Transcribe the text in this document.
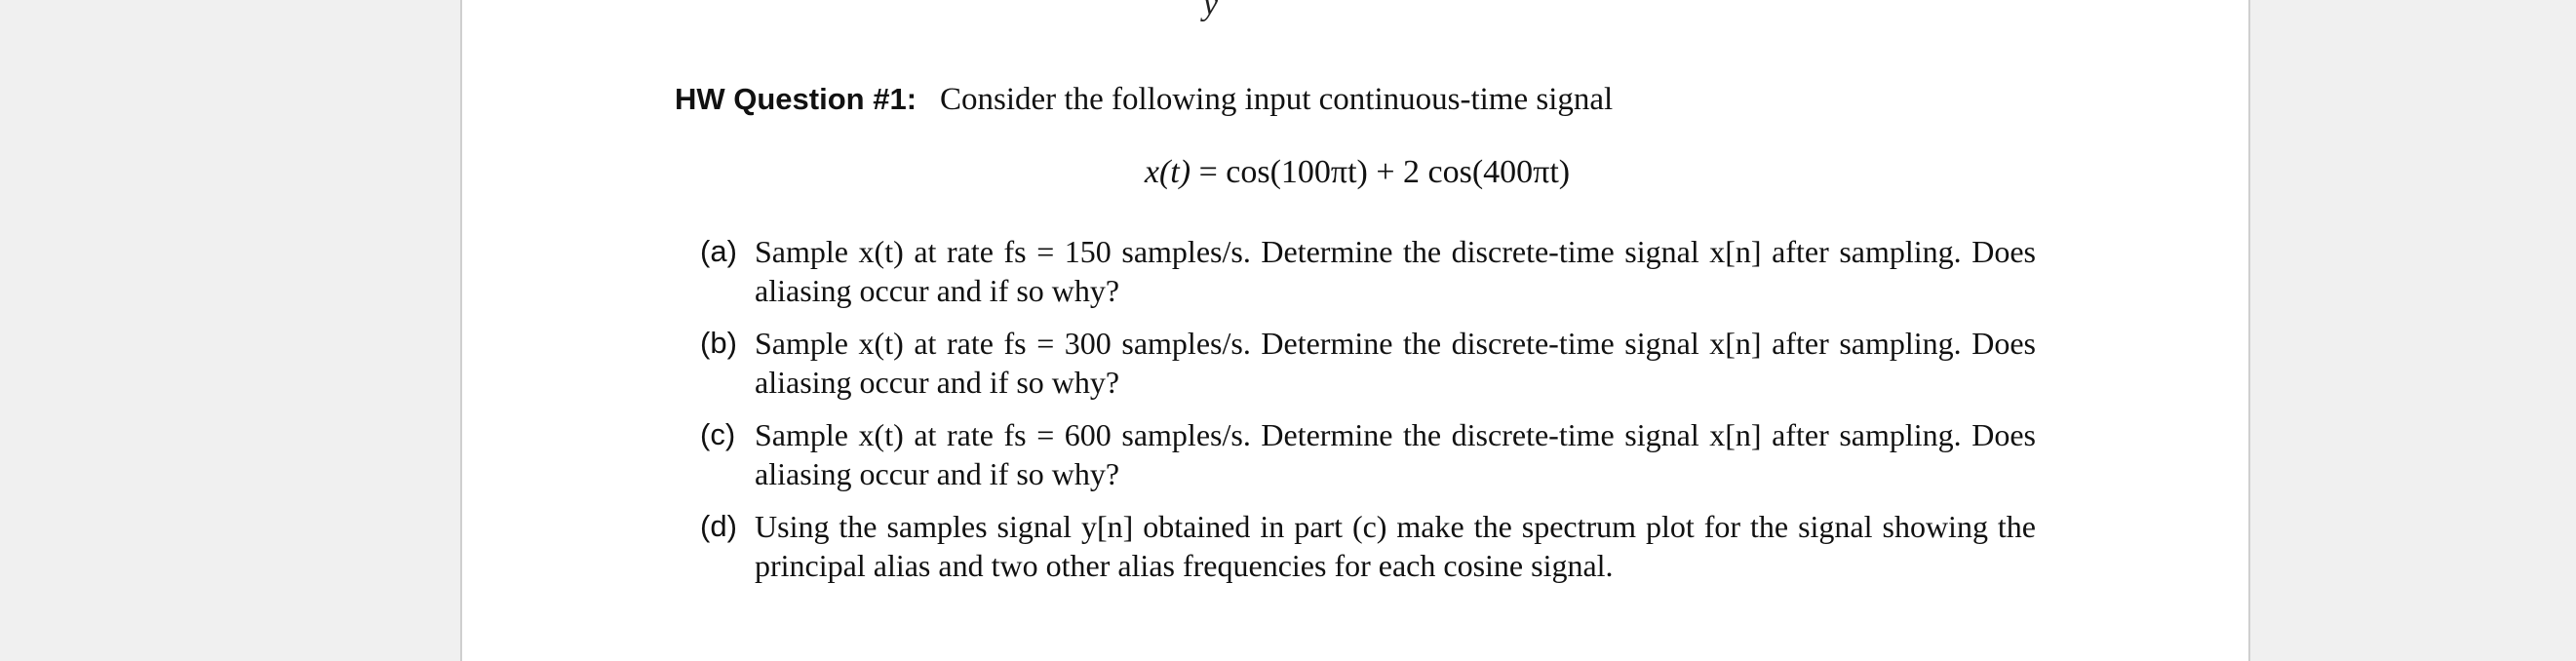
y
HW Question #1: Consider the following input continuous-time signal
x(t) = cos(100πt) + 2 cos(400πt)
(a) Sample x(t) at rate fs = 150 samples/s. Determine the discrete-time signal x[n] after sampling. Does aliasing occur and if so why?
(b) Sample x(t) at rate fs = 300 samples/s. Determine the discrete-time signal x[n] after sampling. Does aliasing occur and if so why?
(c) Sample x(t) at rate fs = 600 samples/s. Determine the discrete-time signal x[n] after sampling. Does aliasing occur and if so why?
(d) Using the samples signal y[n] obtained in part (c) make the spectrum plot for the signal showing the principal alias and two other alias frequencies for each cosine signal.
